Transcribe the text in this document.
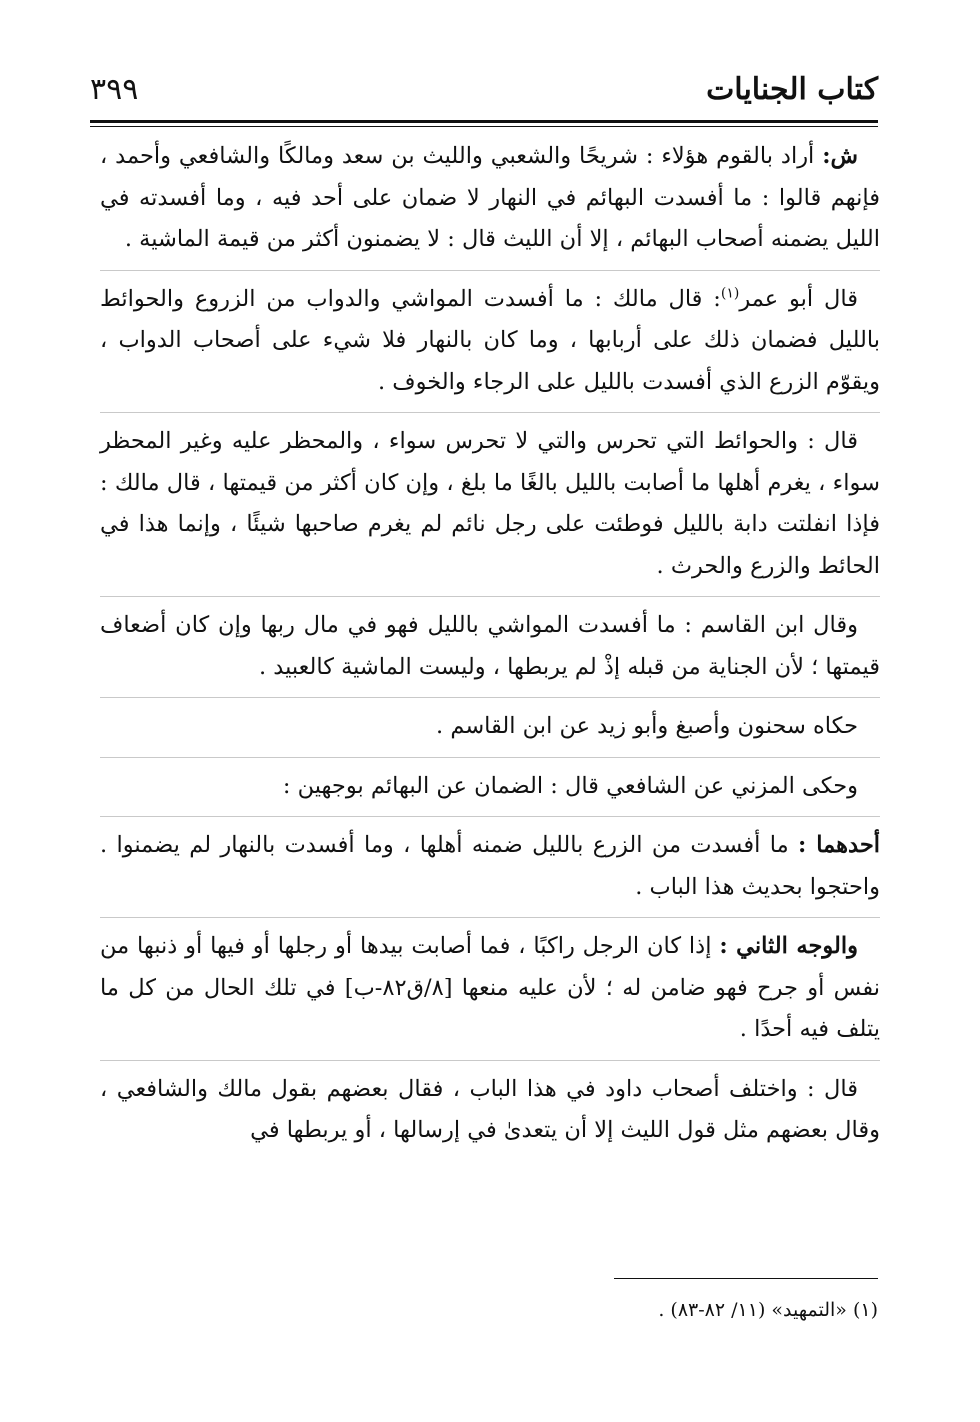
كتاب الجنايات
٣٩٩

ش: أراد بالقوم هؤلاء : شريحًا والشعبي والليث بن سعد ومالكًا والشافعي وأحمد ، فإنهم قالوا : ما أفسدت البهائم في النهار لا ضمان على أحد فيه ، وما أفسدته في الليل يضمنه أصحاب البهائم ، إلا أن الليث قال : لا يضمنون أكثر من قيمة الماشية .

قال أبو عمر$^{(١)}$: قال مالك : ما أفسدت المواشي والدواب من الزروع والحوائط بالليل فضمان ذلك على أربابها ، وما كان بالنهار فلا شيء على أصحاب الدواب ، ويقوّم الزرع الذي أفسدت بالليل على الرجاء والخوف .

قال : والحوائط التي تحرس والتي لا تحرس سواء ، والمحظر عليه وغير المحظر سواء ، يغرم أهلها ما أصابت بالليل بالغًا ما بلغ ، وإن كان أكثر من قيمتها ، قال مالك : فإذا انفلتت دابة بالليل فوطئت على رجل نائم لم يغرم صاحبها شيئًا ، وإنما هذا في الحائط والزرع والحرث .

وقال ابن القاسم : ما أفسدت المواشي بالليل فهو في مال ربها وإن كان أضعاف قيمتها ؛ لأن الجناية من قبله إذْ لم يربطها ، وليست الماشية كالعبيد .

حكاه سحنون وأصبغ وأبو زيد عن ابن القاسم .

وحكى المزني عن الشافعي قال : الضمان عن البهائم بوجهين :

أحدهما : ما أفسدت من الزرع بالليل ضمنه أهلها ، وما أفسدت بالنهار لم يضمنوا . واحتجوا بحديث هذا الباب .

والوجه الثاني : إذا كان الرجل راكبًا ، فما أصابت بيدها أو رجلها أو فيها أو ذنبها من نفس أو جرح فهو ضامن له ؛ لأن عليه منعها [٨/ق٨٢-ب] في تلك الحال من كل ما يتلف فيه أحدًا .

قال : واختلف أصحاب داود في هذا الباب ، فقال بعضهم بقول مالك والشافعي ، وقال بعضهم مثل قول الليث إلا أن يتعدىٰ في إرسالها ، أو يربطها في

(١) «التمهيد» (١١/ ٨٢-٨٣) .
